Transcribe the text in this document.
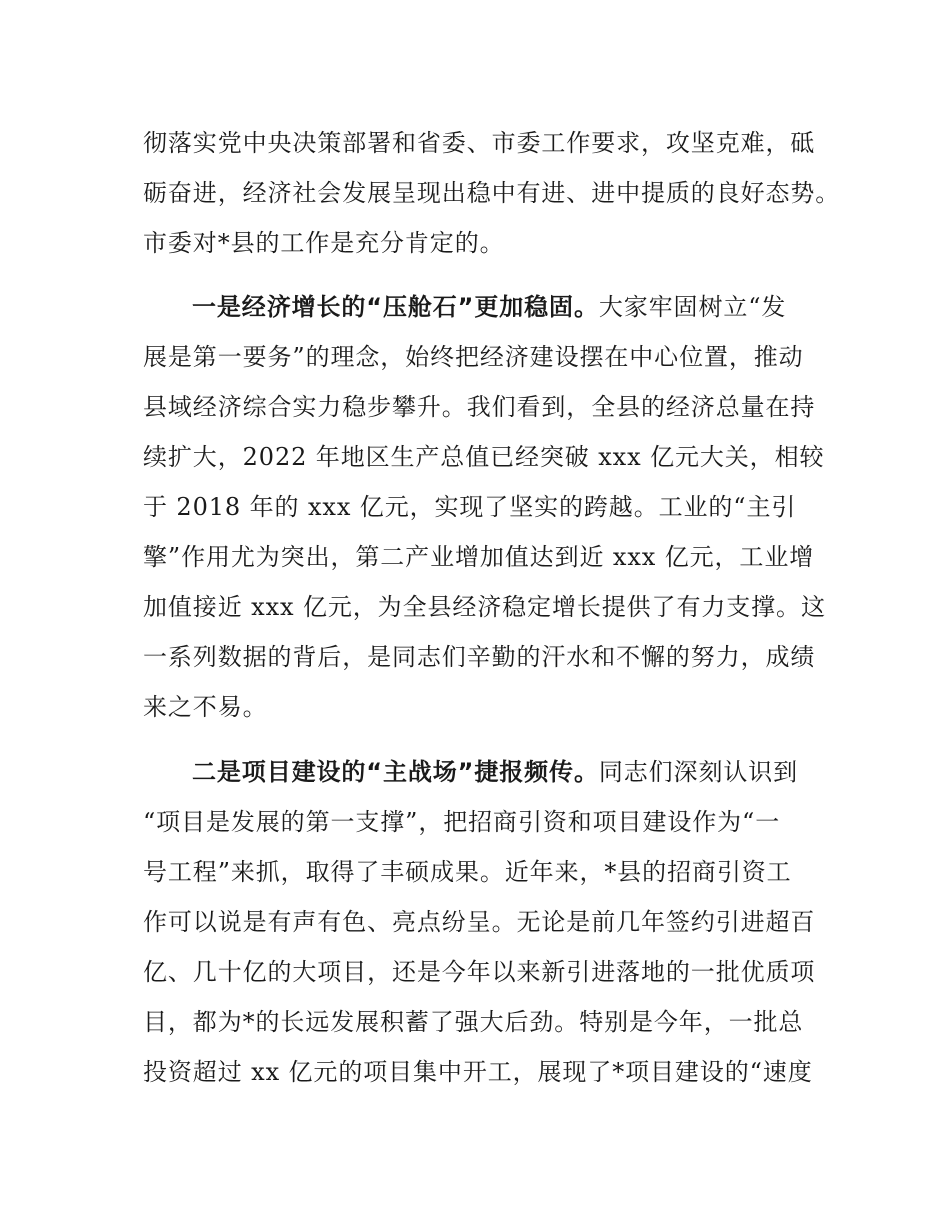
彻落实党中央决策部署和省委、市委工作要求，攻坚克难，砥
砺奋进，经济社会发展呈现出稳中有进、进中提质的良好态势。
市委对*县的工作是充分肯定的。
一是经济增长的“压舱石”更加稳固。大家牢固树立“发
展是第一要务”的理念，始终把经济建设摆在中心位置，推动
县域经济综合实力稳步攀升。我们看到，全县的经济总量在持
续扩大，2022 年地区生产总值已经突破 xxx 亿元大关，相较
于 2018 年的 xxx 亿元，实现了坚实的跨越。工业的“主引
擎”作用尤为突出，第二产业增加值达到近 xxx 亿元，工业增
加值接近 xxx 亿元，为全县经济稳定增长提供了有力支撑。这
一系列数据的背后，是同志们辛勤的汗水和不懈的努力，成绩
来之不易。
二是项目建设的“主战场”捷报频传。同志们深刻认识到
“项目是发展的第一支撑”，把招商引资和项目建设作为“一
号工程”来抓，取得了丰硕成果。近年来，*县的招商引资工
作可以说是有声有色、亮点纷呈。无论是前几年签约引进超百
亿、几十亿的大项目，还是今年以来新引进落地的一批优质项
目，都为*的长远发展积蓄了强大后劲。特别是今年，一批总
投资超过 xx 亿元的项目集中开工，展现了*项目建设的“速度
